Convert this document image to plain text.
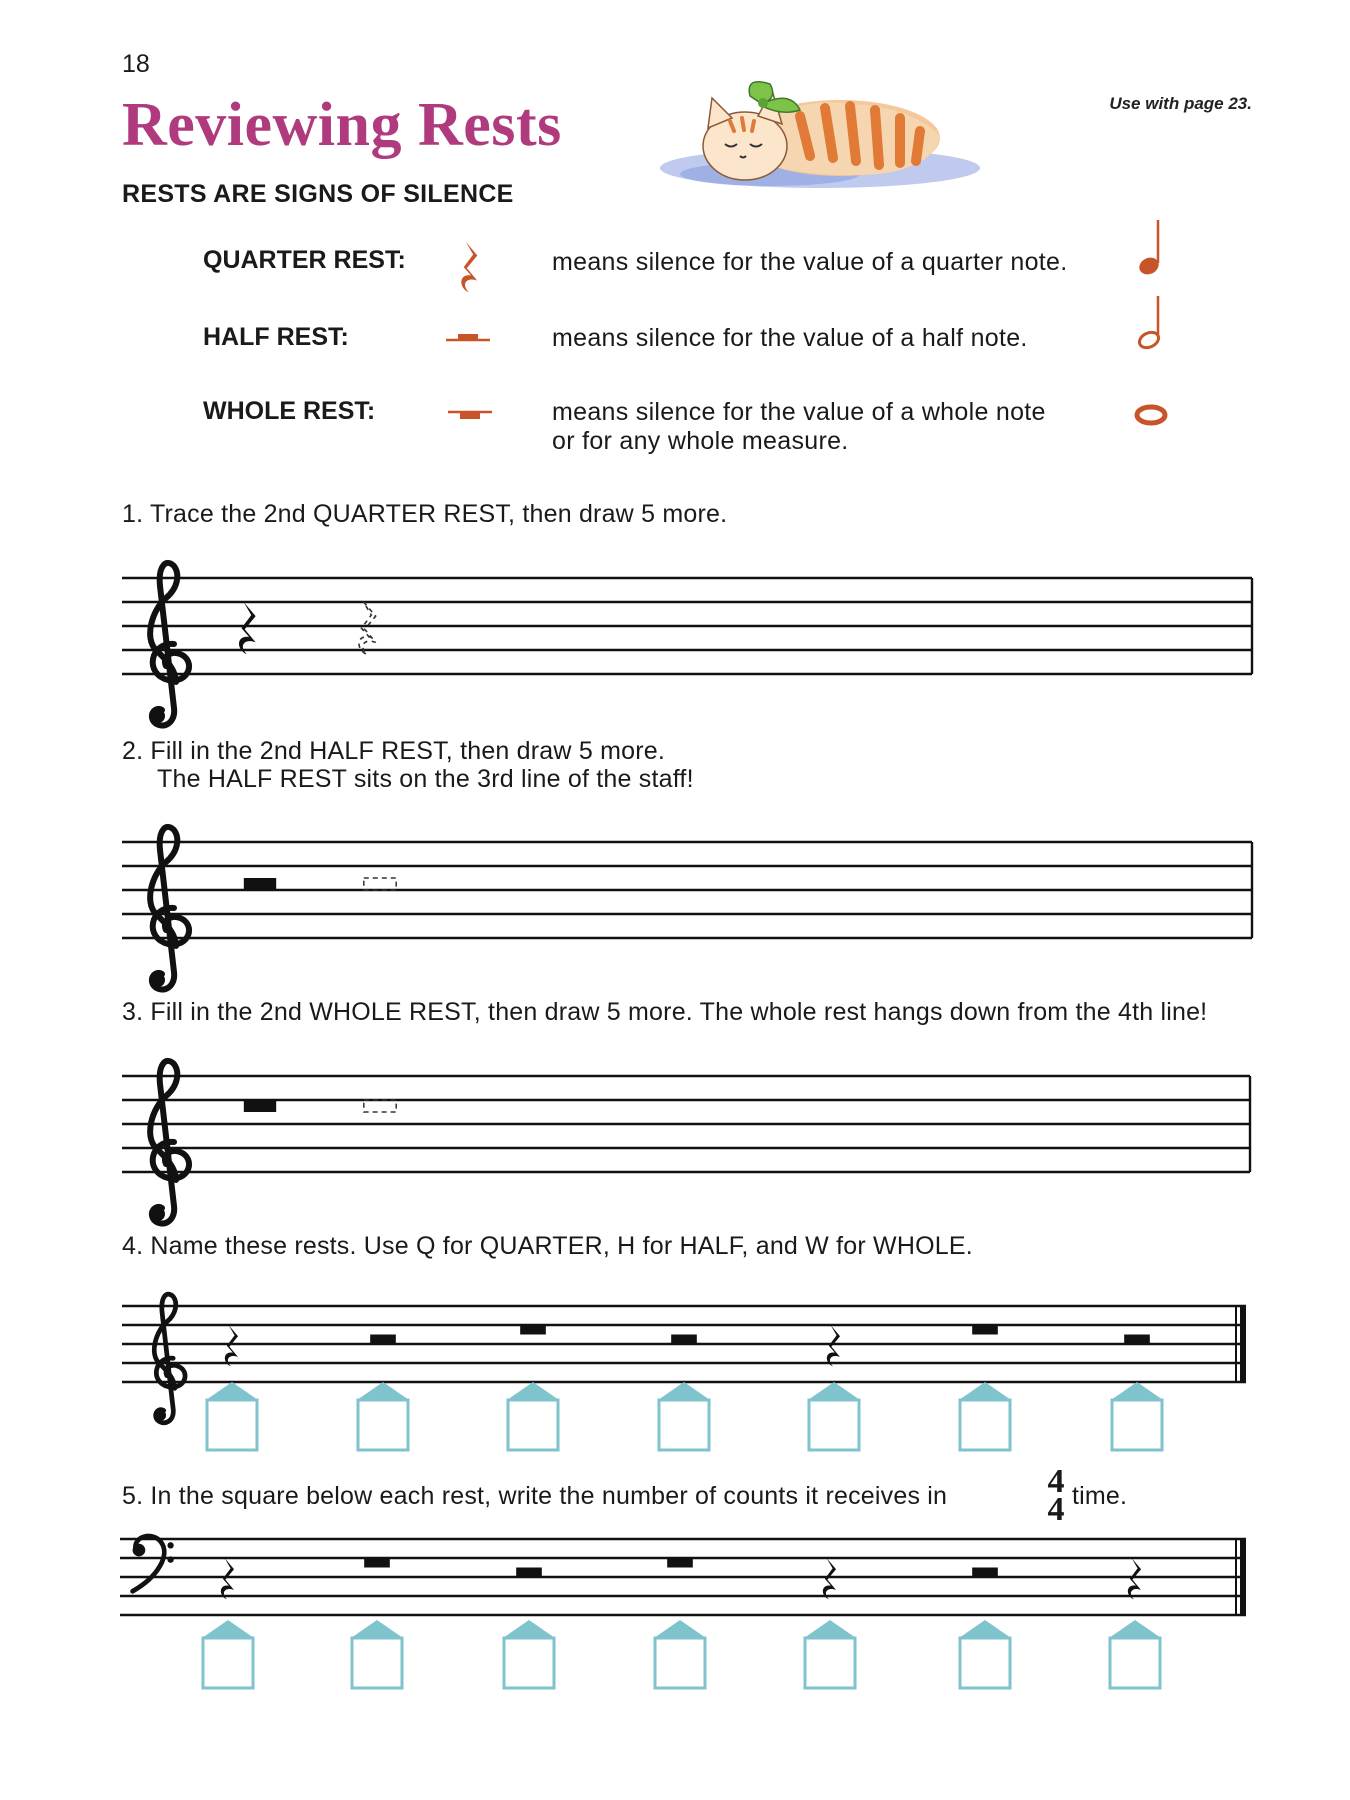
18
Reviewing Rests	Use with page 23.
RESTS ARE SIGNS OF SILENCE
QUARTER REST:	means silence for the value of a quarter note.
HALF REST:	means silence for the value of a half note.
WHOLE REST:	means silence for the value of a whole note
or for any whole measure.
1. Trace the 2nd QUARTER REST, then draw 5 more.
2. Fill in the 2nd HALF REST, then draw 5 more.
The HALF REST sits on the 3rd line of the staff!
3. Fill in the 2nd WHOLE REST, then draw 5 more. The whole rest hangs down from the 4th line!
4. Name these rests. Use Q for QUARTER, H for HALF, and W for WHOLE.
5. In the square below each rest, write the number of counts it receives in	time.
4
4
